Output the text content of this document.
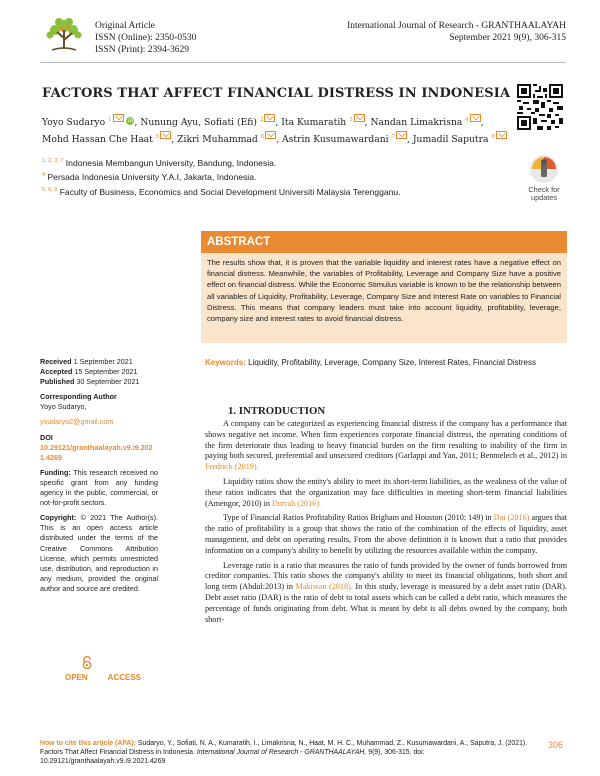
Original Article
ISSN (Online): 2350-0530
ISSN (Print): 2394-3629
International Journal of Research - GRANTHAALAYAH
September 2021 9(9), 306-315
FACTORS THAT AFFECT FINANCIAL DISTRESS IN INDONESIA
Yoyo Sudaryo $^1$	iD, Nunung Ayu, Sofiati (Efi) $^2$ , Ita Kumaratih $^3$ , Nandan Limakrisna $^4$ , Mohd Hassan Che Haat $^5$ , Zikri Muhammad $^6$ , Astrin Kusumawardani $^7$ , Jumadil Saputra $^8$
$^{1, 2, 3, 7}$ Indonesia Membangun University, Bandung, Indonesia.
$^4$ Persada Indonesia University Y.A.I, Jakarta, Indonesia.
$^{5, 6, 8}$ Faculty of Business, Economics and Social Development Universiti Malaysia Terengganu.	Check for updates
ABSTRACT
The results show that, it is proven that the variable liquidity and interest rates have a negative effect on financial distress. Meanwhile, the variables of Profitability, Leverage and Company Size have a positive effect on financial distress. While the Economic Stimulus variable is known to be the relationship between all variables of Liquidity, Profitability, Leverage, Company Size and Interest Rate on variables to Financial Distress. This means that company leaders must take into account liquidity, profitability, leverage, company size and interest rates to avoid financial distress.
Keywords: Liquidity, Profitability, Leverage, Company Size, Interest Rates, Financial Distress

Received 1 September 2021

Accepted 15 September 2021

Published 30 September 2021

Corresponding Author

Yoyo Sudaryo,

ysudaryo2@gmail.com

DOI

10.29121/granthaalayah.v9.i9.2021.4269

Funding: This research received no specific grant from any funding agency in the public, commercial, or not-for-profit sectors.

Copyright: © 2021 The Author(s). This is an open access article distributed under the terms of the Creative Commons Attribution License, which permits unrestricted use, distribution, and reproduction in any medium, provided the original author and source are credited.

OPEN	ACCESS
1. INTRODUCTION

A company can be categorized as experiencing financial distress if the company has a performance that shows negative net income. When firm experiences corporate financial distress, the operating conditions of the firm deteriorate thus leading to heavy financial burden on the firm resulting to inability of the firm in paying both secured, preferential and unsecured creditors (Garlappi and Yan, 2011; Benmelech et al., 2012) in Fredrick (2019).

Liquidity ratios show the entity's ability to meet its short-term liabilities, as the weakness of the value of these ratios indicates that the organization may face difficulties in meeting short-term financial liabilities (Amengor, 2010) in Durrah (2016).

Type of Financial Ratios Profitability Ratios Brigham and Houston (2010: 149) in Dai (2016) argues that the ratio of profitability is a group that shows the ratio of the combination of the effects of liquidity, asset management, and debt on operating results, From the above definition it is known that a ratio that provides information on a company's ability to benefit by utilizing the resources available within the company.

Leverage ratio is a ratio that measures the ratio of funds provided by the owner of funds borrowed from creditor companies. This ratio shows the company's ability to meet its financial obligations, both short and long term (Abdul:2013) in Makiwan (2018). In this study, leverage is measured by a debt asset ratio (DAR). Debt asset ratio (DAR) is the ratio of debt to total assets which can be called a debt ratio, which measures the percentage of funds originating from debt. What is meant by debt is all debts owned by the company, both short-

How to cite this article (APA): Sudaryo, Y., Sofiati, N. A., Kumaratih, I., Limakrisna, N., Haat, M. H. C., Muhammad, Z., Kusumawardani, A., Saputra, J. (2021). Factors That Affect Financial Distress in Indonesia. International Journal of Research - GRANTHAALAYAH, 9(9), 306-315. doi: 10.29121/granthaalayah.v9.i9.2021.4269
306
